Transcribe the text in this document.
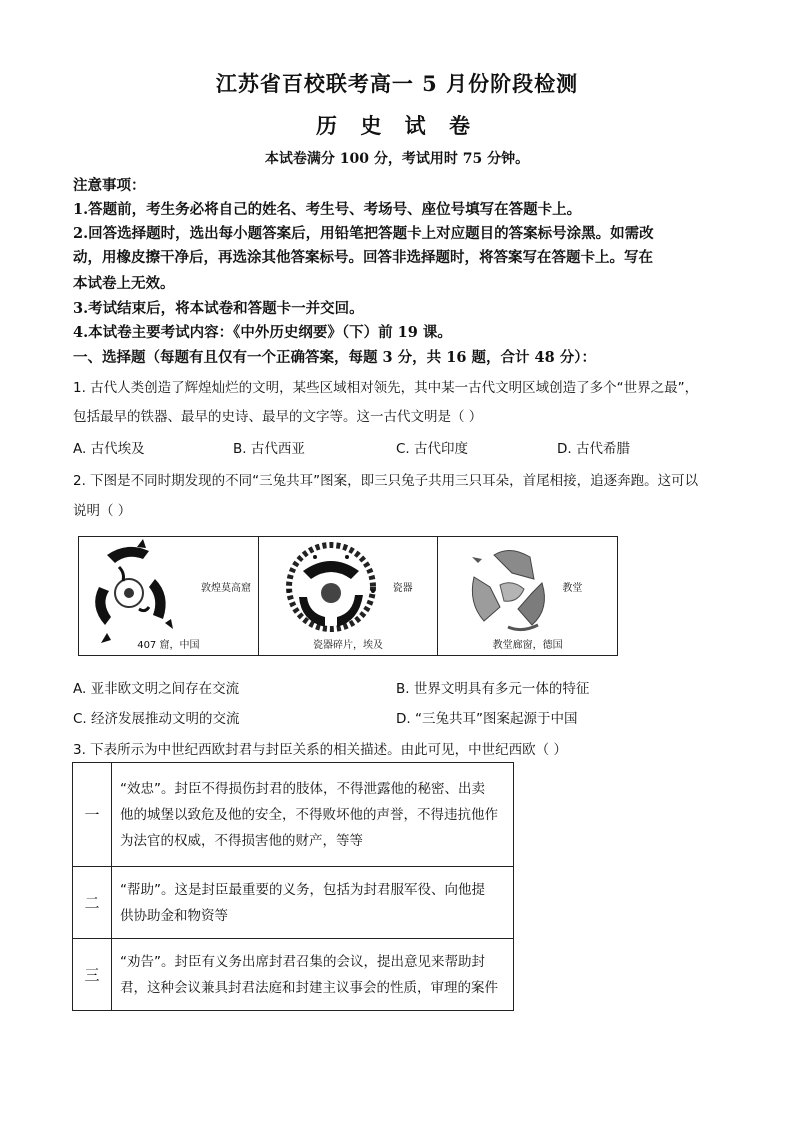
江苏省百校联考高一 5 月份阶段检测
历 史 试 卷
本试卷满分 100 分，考试用时 75 分钟。
注意事项：
1.答题前，考生务必将自己的姓名、考生号、考场号、座位号填写在答题卡上。
2.回答选择题时，选出每小题答案后，用铅笔把答题卡上对应题目的答案标号涂黑。如需改
动，用橡皮擦干净后，再选涂其他答案标号。回答非选择题时，将答案写在答题卡上。写在
本试卷上无效。
3.考试结束后，将本试卷和答题卡一并交回。
4.本试卷主要考试内容：《中外历史纲要》（下）前 19 课。
一、选择题（每题有且仅有一个正确答案，每题 3 分，共 16 题，合计 48 分）：
1. 古代人类创造了辉煌灿烂的文明，某些区域相对领先，其中某一古代文明区域创造了多个“世界之最”，
包括最早的铁器、最早的史诗、最早的文字等。这一古代文明是（ ）
A. 古代埃及	B. 古代西亚	C. 古代印度	D. 古代希腊
2. 下图是不同时期发现的不同“三兔共耳”图案，即三只兔子共用三只耳朵，首尾相接，追逐奔跑。这可以
说明（ ）
敦煌莫高窟
407 窟，中国
瓷器
瓷器碎片，埃及
教堂
教堂廊窗，德国
A. 亚非欧文明之间存在交流	B. 世界文明具有多元一体的特征
C. 经济发展推动文明的交流	D. “三兔共耳”图案起源于中国
3. 下表所示为中世纪西欧封君与封臣关系的相关描述。由此可见，中世纪西欧（ ）
一	“效忠”。封臣不得损伤封君的肢体，不得泄露他的秘密、出卖
他的城堡以致危及他的安全，不得败坏他的声誉，不得违抗他作
为法官的权威，不得损害他的财产，等等

二	“帮助”。这是封臣最重要的义务，包括为封君服军役、向他提
供协助金和物资等

三	“劝告”。封臣有义务出席封君召集的会议，提出意见来帮助封
君，这种会议兼具封君法庭和封建主议事会的性质，审理的案件
